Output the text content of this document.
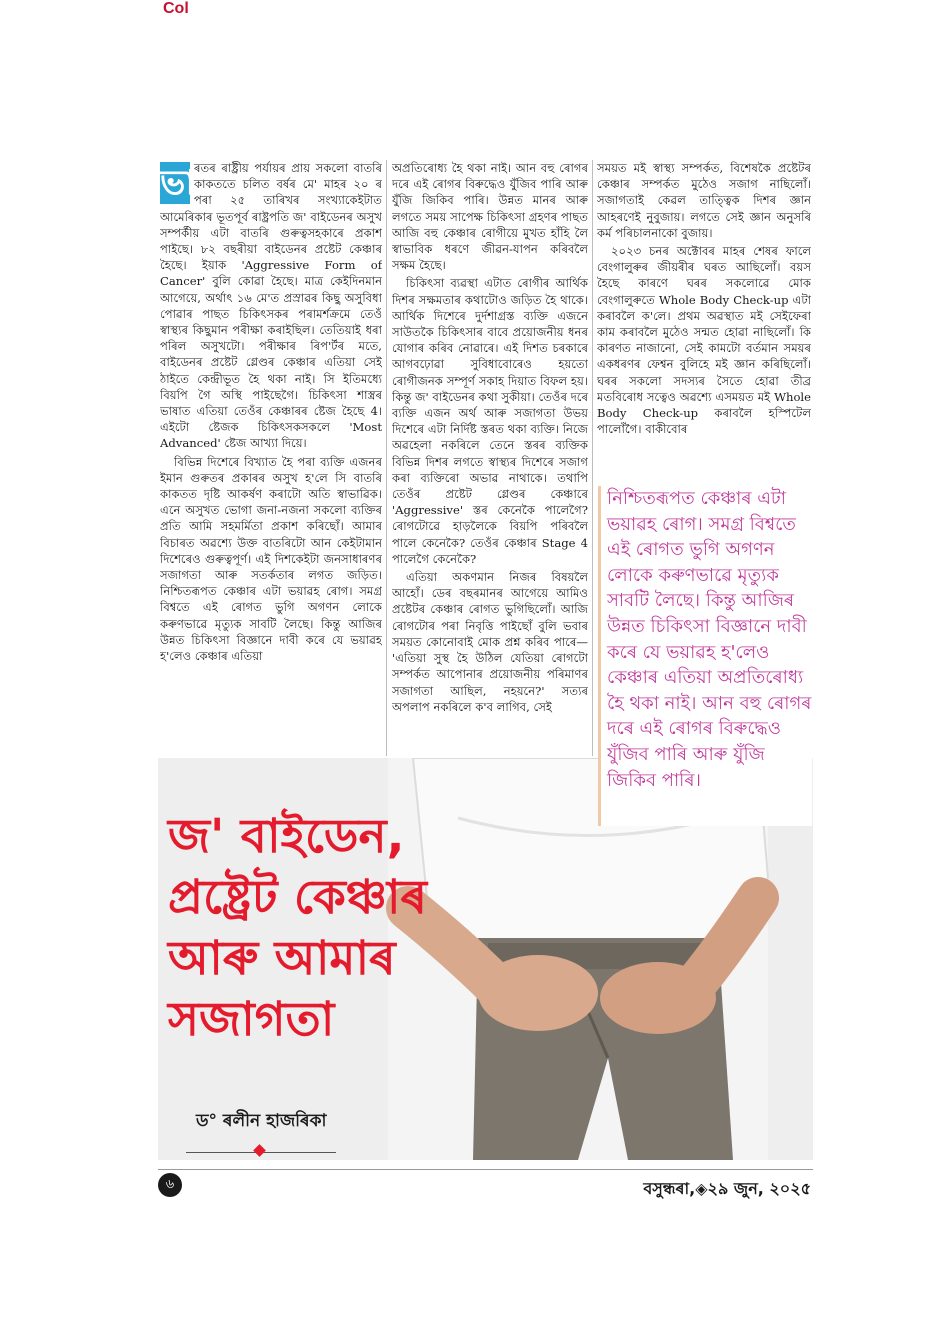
Col

ভা
ৰতৰ ৰাষ্ট্ৰীয় পৰ্যায়ৰ প্ৰায় সকলো বাতৰি কাকততে চলিত বৰ্ষৰ মে' মাহৰ ২০ ৰ পৰা ২৫ তাৰিখৰ সংখ্যাকেইটাত আমেৰিকাৰ ভূতপূৰ্ব ৰাষ্ট্ৰপতি জ' বাইডেনৰ অসুখ সম্পৰ্কীয় এটা বাতৰি গুৰুত্বসহকাৰে প্ৰকাশ পাইছে। ৮২ বছৰীয়া বাইডেনৰ প্ৰষ্টেট কেঞ্চাৰ হৈছে। ইয়াক 'Aggressive Form of Cancer' বুলি কোৱা হৈছে। মাত্ৰ কেইদিনমান আগেয়ে, অৰ্থাৎ ১৬ মে'ত প্ৰস্ৰাৱৰ কিছু অসুবিধা পোৱাৰ পাছত চিকিৎসকৰ পৰামৰ্শক্ৰমে তেওঁ স্বাস্থ্যৰ কিছুমান পৰীক্ষা কৰাইছিল। তেতিয়াই ধৰা পৰিল অসুখটো। পৰীক্ষাৰ ৰিপ'ৰ্টৰ মতে, বাইডেনৰ প্ৰষ্টেট গ্লেণ্ডৰ কেঞ্চাৰ এতিয়া সেই ঠাইতে কেন্দ্ৰীভূত হৈ থকা নাই। সি ইতিমধ্যে বিয়পি গৈ অস্থি পাইছেগৈ। চিকিৎসা শাস্ত্ৰৰ ভাষাত এতিয়া তেওঁৰ কেঞ্চাৰৰ ষ্টেজ হৈছে 4। এইটো ষ্টেজক চিকিৎসকসকলে 'Most Advanced' ষ্টেজ আখ্যা দিয়ে।

বিভিন্ন দিশেৰে বিখ্যাত হৈ পৰা ব্যক্তি এজনৰ ইমান গুৰুতৰ প্ৰকাৰৰ অসুখ হ'লে সি বাতৰি কাকতত দৃষ্টি আকৰ্ষণ কৰাটো অতি স্বাভাৱিক। এনে অসুখত ভোগা জনা-নজনা সকলো ব্যক্তিৰ প্ৰতি আমি সহমৰ্মিতা প্ৰকাশ কৰিছোঁ। আমাৰ বিচাৰত অৱশ্যে উক্ত বাতৰিটো আন কেইটামান দিশেৰেও গুৰুত্বপূৰ্ণ। এই দিশকেইটা জনসাধাৰণৰ সজাগতা আৰু সতৰ্কতাৰ লগত জড়িত। নিশ্চিতৰূপত কেঞ্চাৰ এটা ভয়াৱহ ৰোগ। সমগ্ৰ বিশ্বতে এই ৰোগত ভুগি অগণন লোকে কৰুণভাৱে মৃত্যুক সাবটি লৈছে। কিন্তু আজিৰ উন্নত চিকিৎসা বিজ্ঞানে দাবী কৰে যে ভয়াৱহ হ'লেও কেঞ্চাৰ এতিয়া

অপ্ৰতিৰোধ্য হৈ থকা নাই। আন বহু ৰোগৰ দৰে এই ৰোগৰ বিৰুদ্ধেও যুঁজিব পাৰি আৰু যুঁজি জিকিব পাৰি। উন্নত মানৰ আৰু লগতে সময় সাপেক্ষ চিকিৎসা গ্ৰহণৰ পাছত আজি বহু কেঞ্চাৰ ৰোগীয়ে মুখত হাঁহি লৈ স্বাভাবিক ধৰণে জীৱন-যাপন কৰিবলৈ সক্ষম হৈছে।

চিকিৎসা ব্যৱস্থা এটাত ৰোগীৰ আৰ্থিক দিশৰ সক্ষমতাৰ কথাটোও জড়িত হৈ থাকে। আৰ্থিক দিশেৰে দুৰ্দশাগ্ৰস্ত ব্যক্তি এজনে সাউতকৈ চিকিৎসাৰ বাবে প্ৰয়োজনীয় ধনৰ যোগাৰ কৰিব নোৱাৰে। এই দিশত চৰকাৰে আগবঢ়োৱা সুবিধাবোৰেও হয়তো ৰোগীজনক সম্পূৰ্ণ সকাহ দিয়াত বিফল হয়। কিন্তু জ' বাইডেনৰ কথা সুকীয়া। তেওঁৰ দৰে ব্যক্তি এজন অৰ্থ আৰু সজাগতা উভয় দিশেৰে এটা নিৰ্দিষ্ট স্তৰত থকা ব্যক্তি। নিজে অৱহেলা নকৰিলে তেনে স্তৰৰ ব্যক্তিক বিভিন্ন দিশৰ লগতে স্বাস্থ্যৰ দিশেৰে সজাগ কৰা ব্যক্তিৰো অভাৱ নাথাকে। তথাপি তেওঁৰ প্ৰষ্টেট গ্লেণ্ডৰ কেঞ্চাৰে 'Aggressive' স্তৰ কেনেকৈ পালেগৈ? ৰোগটোৱে হাড়লৈকে বিয়পি পৰিবলৈ পালে কেনেকৈ? তেওঁৰ কেঞ্চাৰ Stage 4 পালেগৈ কেনেকৈ?

এতিয়া অকণমান নিজৰ বিষয়লৈ আহোঁ। ডেৰ বছৰমানৰ আগেয়ে আমিও প্ৰষ্টেটৰ কেঞ্চাৰ ৰোগত ভুগিছিলোঁ। আজি ৰোগটোৰ পৰা নিবৃত্তি পাইছোঁ বুলি ভবাৰ সময়ত কোনোবাই মোক প্ৰশ্ন কৰিব পাৰে— 'এতিয়া সুস্থ হৈ উঠিল যেতিয়া ৰোগটো সম্পৰ্কত আপোনাৰ প্ৰয়োজনীয় পৰিমাণৰ সজাগতা আছিল, নহয়নে?' সত্যৰ অপলাপ নকৰিলে ক'ব লাগিব, সেই

সময়ত মই স্বাস্থ্য সম্পৰ্কত, বিশেষকৈ প্ৰষ্টেটৰ কেঞ্চাৰ সম্পৰ্কত মুঠেও সজাগ নাছিলোঁ। সজাগতাই কেৱল তাত্ত্বিক দিশৰ জ্ঞান আহৰণেই নুবুজায়। লগতে সেই জ্ঞান অনুসৰি কৰ্ম পৰিচালনাকো বুজায়।

২০২৩ চনৰ অক্টোবৰ মাহৰ শেষৰ ফালে বেংগালুৰুৰ জীয়ৰীৰ ঘৰত আছিলোঁ। বয়স হৈছে কাৰণে ঘৰৰ সকলোৱে মোক বেংগালুৰুতে Whole Body Check-up এটা কৰাবলৈ ক'লে। প্ৰথম অৱস্থাত মই সেইফেৰা কাম কৰাবলৈ মুঠেও সন্মত হোৱা নাছিলোঁ। কি কাৰণত নাজানো, সেই কামটো বৰ্তমান সময়ৰ একধৰণৰ ফেশ্বন বুলিহে মই জ্ঞান কৰিছিলোঁ। ঘৰৰ সকলো সদস্যৰ সৈতে হোৱা তীব্ৰ মতবিৰোধ সত্বেও অৱশ্যে এসময়ত মই Whole Body Check-up কৰাবলৈ হস্পিটেল পালোঁগৈ। বাকীবোৰ

জ' বাইডেন,
প্ৰষ্ট্ৰেট কেঞ্চাৰ
আৰু আমাৰ
সজাগতা
ড° ৰলীন হাজৰিকা

নিশ্চিতৰূপত কেঞ্চাৰ এটা ভয়াৱহ ৰোগ। সমগ্ৰ বিশ্বতে এই ৰোগত ভুগি অগণন লোকে কৰুণভাৱে মৃত্যুক সাবটি লৈছে। কিন্তু আজিৰ উন্নত চিকিৎসা বিজ্ঞানে দাবী কৰে যে ভয়াৱহ হ'লেও কেঞ্চাৰ এতিয়া অপ্ৰতিৰোধ্য হৈ থকা নাই। আন বহু ৰোগৰ দৰে এই ৰোগৰ বিৰুদ্ধেও যুঁজিব পাৰি আৰু যুঁজি জিকিব পাৰি।

৬	বসুন্ধৰা,◈২৯ জুন, ২০২৫
